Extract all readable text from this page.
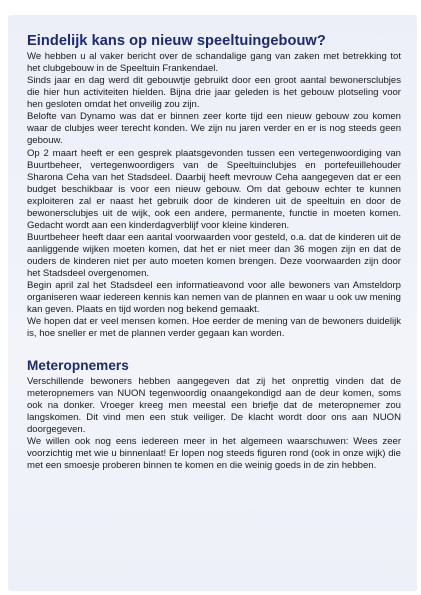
Eindelijk kans op nieuw speeltuingebouw?

We hebben u al vaker bericht over de schandalige gang van zaken met betrekking tot het clubgebouw in de Speeltuin Frankendael.

Sinds jaar en dag werd dit gebouwtje gebruikt door een groot aantal bewonersclubjes die hier hun activiteiten hielden. Bijna drie jaar geleden is het gebouw plotseling voor hen gesloten omdat het onveilig zou zijn.

Belofte van Dynamo was dat er binnen zeer korte tijd een nieuw gebouw zou komen waar de clubjes weer terecht konden. We zijn nu jaren verder en er is nog steeds geen gebouw.

Op 2 maart heeft er een gesprek plaatsgevonden tussen een vertegenwoordiging van Buurtbeheer, vertegenwoordigers van de Speeltuinclubjes en portefeuillehouder Sharona Ceha van het Stadsdeel. Daarbij heeft mevrouw Ceha aangegeven dat er een budget beschikbaar is voor een nieuw gebouw. Om dat gebouw echter te kunnen exploiteren zal er naast het gebruik door de kinderen uit de speeltuin en door de bewonersclubjes uit de wijk, ook een andere, permanente, functie in moeten komen. Gedacht wordt aan een kinderdagverblijf voor kleine kinderen.

Buurtbeheer heeft daar een aantal voorwaarden voor gesteld, o.a. dat de kinderen uit de aanliggende wijken moeten komen, dat het er niet meer dan 36 mogen zijn en dat de ouders de kinderen niet per auto moeten komen brengen. Deze voorwaarden zijn door het Stadsdeel overgenomen.

Begin april zal het Stadsdeel een informatieavond voor alle bewoners van Amsteldorp organiseren waar iedereen kennis kan nemen van de plannen en waar u ook uw mening kan geven. Plaats en tijd worden nog bekend gemaakt.

We hopen dat er veel mensen komen. Hoe eerder de mening van de bewoners duidelijk is, hoe sneller er met de plannen verder gegaan kan worden.

Meteropnemers

Verschillende bewoners hebben aangegeven dat zij het onprettig vinden dat de meteropnemers van NUON tegenwoordig onaangekondigd aan de deur komen, soms ook na donker. Vroeger kreeg men meestal een briefje dat de meteropnemer zou langskomen. Dit vind men een stuk veiliger. De klacht wordt door ons aan NUON doorgegeven.

We willen ook nog eens iedereen meer in het algemeen waarschuwen: Wees zeer voorzichtig met wie u binnenlaat! Er lopen nog steeds figuren rond (ook in onze wijk) die met een smoesje proberen binnen te komen en die weinig goeds in de zin hebben.
